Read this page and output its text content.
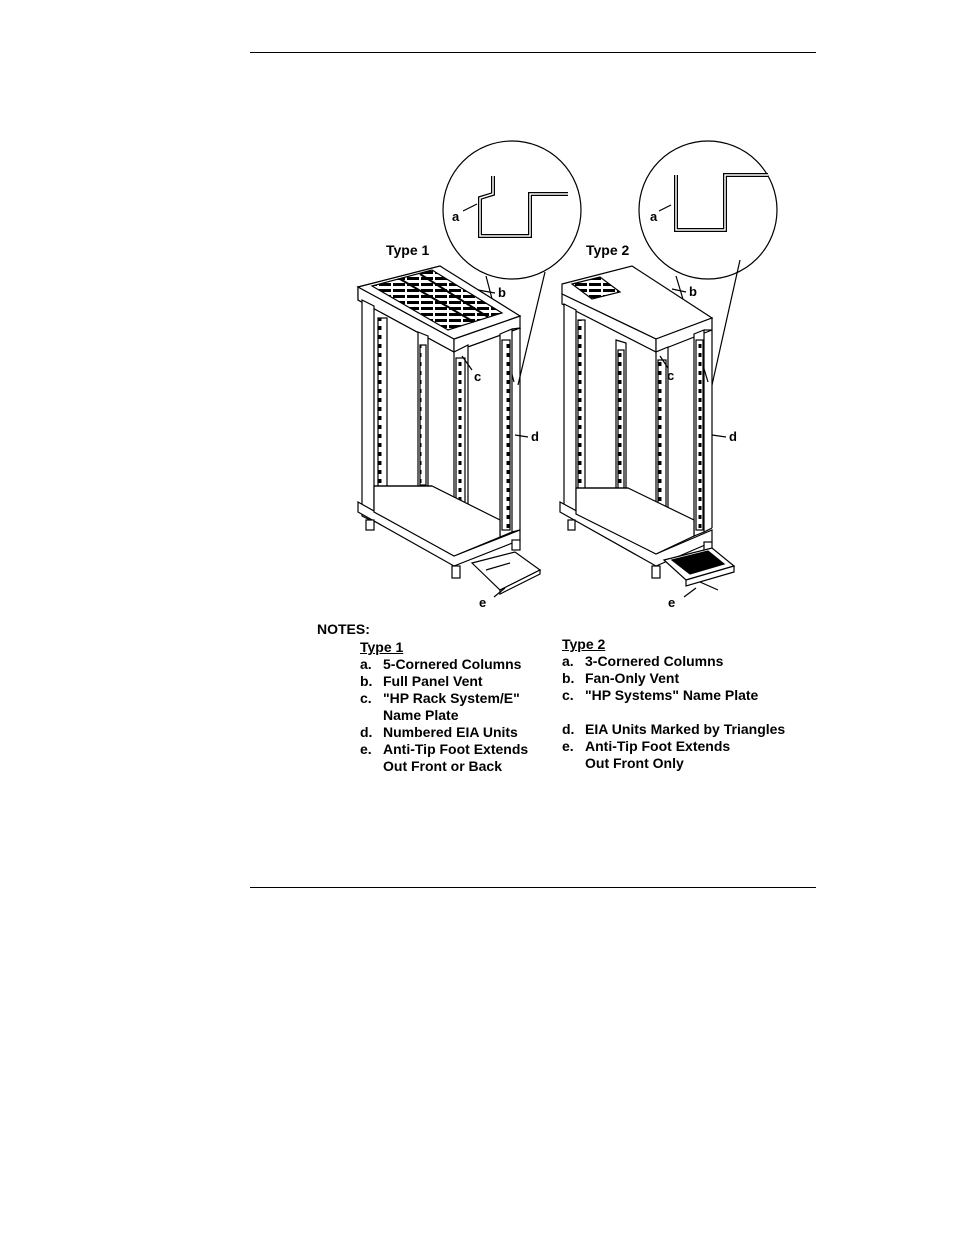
Type 1
a
b
c
d
e
Type 2
a
b
c
d
e
NOTES:
Type 1
a. 5-Cornered Columns
b. Full Panel Vent
c. "HP Rack System/E"
Name Plate
d. Numbered EIA Units
e. Anti-Tip Foot Extends
Out Front or Back
Type 2
a. 3-Cornered Columns
b. Fan-Only Vent
c. "HP Systems" Name Plate
d. EIA Units Marked by Triangles
e. Anti-Tip Foot Extends
Out Front Only
